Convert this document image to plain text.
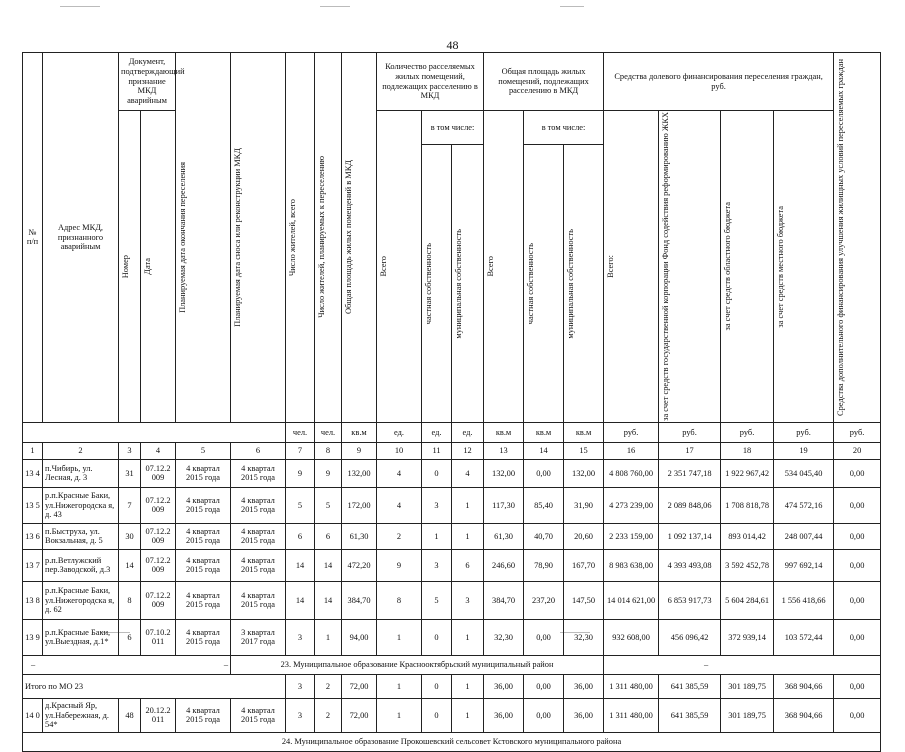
48
№ п/п	Адрес МКД, признанного аварийным	Документ, подтверждающий признание МКД аварийным		Планируемая дата окончания переселения	Планируемая дата сноса или реконструкции МКД	Число жителей, всего	Число жителей, планируемых к переселению	Общая площадь жилых помещений в МКД	Количество расселяемых жилых помещений, подлежащих расселению в МКД			Общая площадь жилых помещений, подлежащих расселению в МКД			Средства долевого финансирования переселения граждан, руб.				Средства дополнительного финансирования улучшения жилищных условий переселяемых граждан

		Номер	Дата						Всего	в том числе:		Всего	в том числе:		Всего:	за счет средств государственной корпорации Фонд содействия реформированию ЖКХ	за счет средств областного бюджета	за счет средств местного бюджета	

										частная собственность	муниципальная собственность		частная собственность	муниципальная собственность					

						чел.	чел.	кв.м	ед.	ед.	ед.	кв.м	кв.м	кв.м	руб.	руб.	руб.	руб.	руб.
1	2	3	4	5	6	7	8	9	10	11	12	13	14	15	16	17	18	19	20
13 4	п.Чибирь, ул. Лесная, д. 3	31	07.12.2 009	4 квартал 2015 года	4 квартал 2015 года	9	9	132,00	4	0	4	132,00	0,00	132,00	4 808 760,00	2 351 747,18	1 922 967,42	534 045,40	0,00
13 5	р.п.Красные Баки, ул.Нижегородска я, д. 43	7	07.12.2 009	4 квартал 2015 года	4 квартал 2015 года	5	5	172,00	4	3	1	117,30	85,40	31,90	4 273 239,00	2 089 848,06	1 708 818,78	474 572,16	0,00
13 6	п.Быструха, ул. Вокзальная, д. 5	30	07.12.2 009	4 квартал 2015 года	4 квартал 2015 года	6	6	61,30	2	1	1	61,30	40,70	20,60	2 233 159,00	1 092 137,14	893 014,42	248 007,44	0,00
13 7	р.п.Ветлужский пер.Заводской, д.3	14	07.12.2 009	4 квартал 2015 года	4 квартал 2015 года	14	14	472,20	9	3	6	246,60	78,90	167,70	8 983 638,00	4 393 493,08	3 592 452,78	997 692,14	0,00
13 8	р.п.Красные Баки, ул.Нижегородска я, д. 62	8	07.12.2 009	4 квартал 2015 года	4 квартал 2015 года	14	14	384,70	8	5	3	384,70	237,20	147,50	14 014 621,00	6 853 917,73	5 604 284,61	1 556 418,66	0,00
13 9	р.п.Красные Баки, ул.Выездная, д.1*	6	07.10.2 011	4 квартал 2015 года	3 квартал 2017 года	3	1	94,00	1	0	1	32,30	0,00	32,30	932 608,00	456 096,42	372 939,14	103 572,44	0,00
– –					23. Муниципальное образование Краснооктябрьский муниципальный район										–				
Итого по МО 23						3	2	72,00	1	0	1	36,00	0,00	36,00	1 311 480,00	641 385,59	301 189,75	368 904,66	0,00
14 0	д.Красный Яр, ул.Набережная, д. 54*	48	20.12.2 011	4 квартал 2015 года	4 квартал 2015 года	3	2	72,00	1	0	1	36,00	0,00	36,00	1 311 480,00	641 385,59	301 189,75	368 904,66	0,00
24. Муниципальное образование Прокошевский сельсовет Кстовского муниципального района																			
